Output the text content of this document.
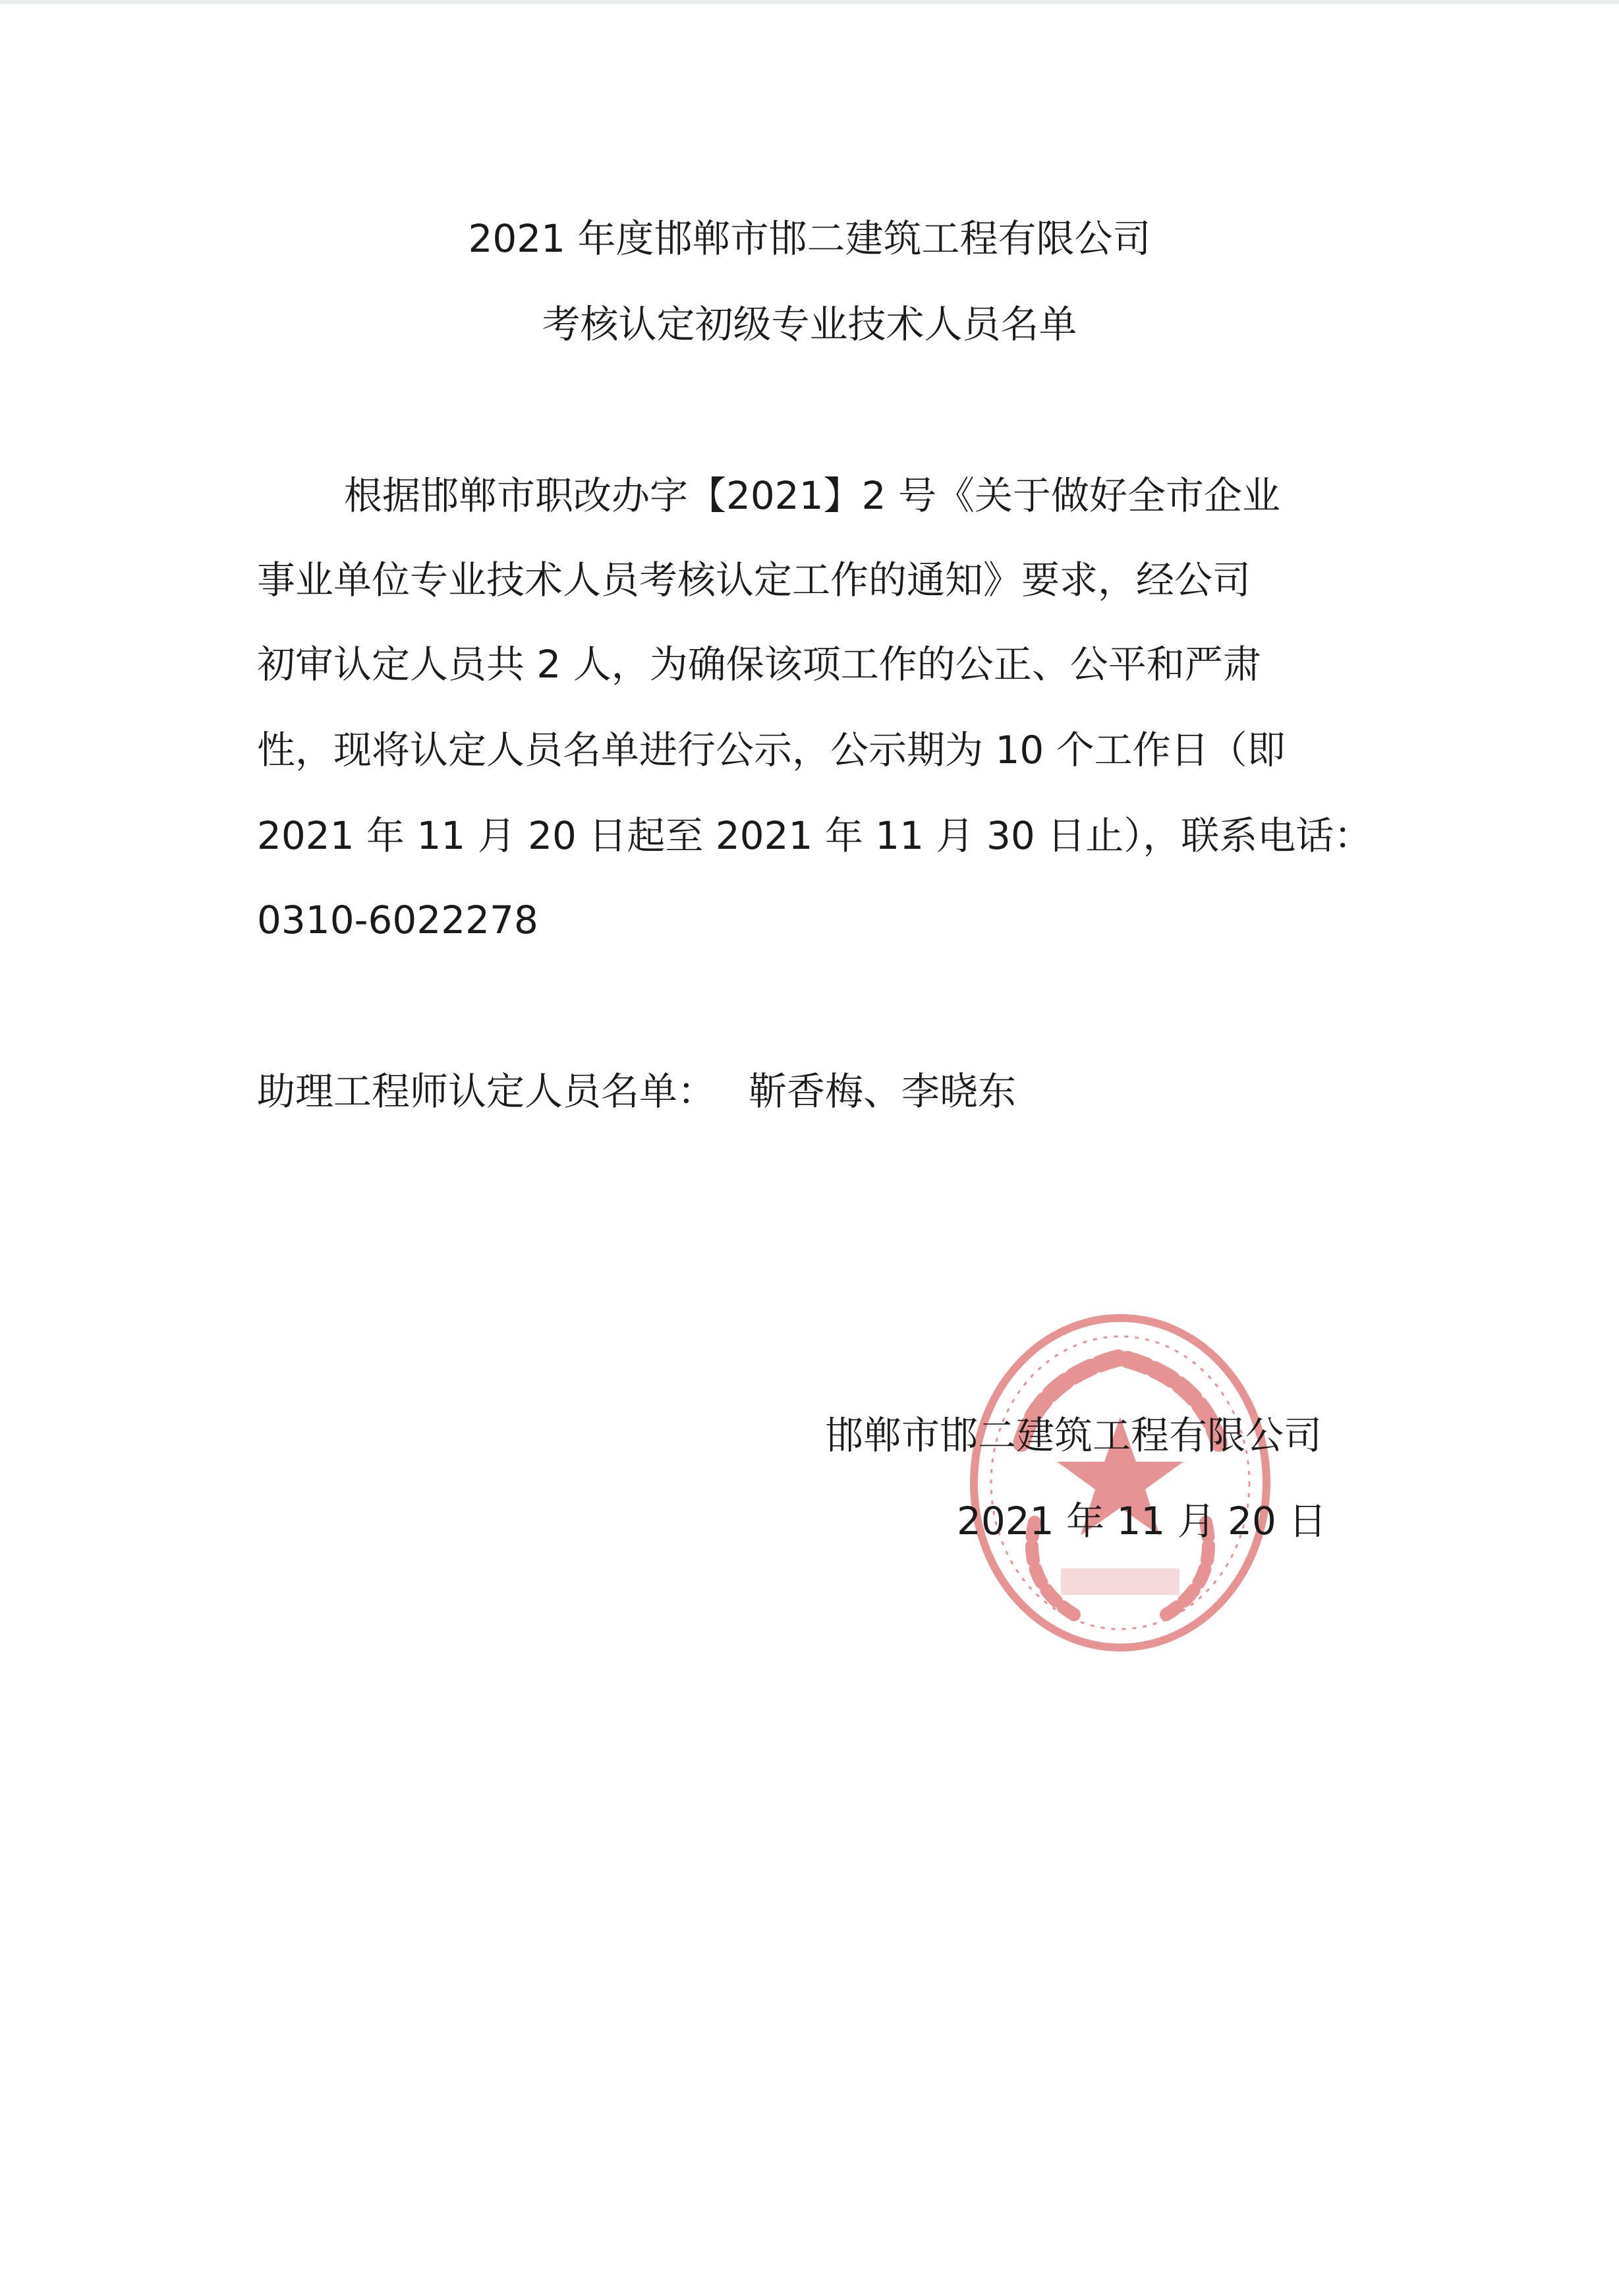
2021 年度邯郸市邯二建筑工程有限公司
考核认定初级专业技术人员名单
根据邯郸市职改办字【2021】2 号《关于做好全市企业
事业单位专业技术人员考核认定工作的通知》要求，经公司
初审认定人员共 2 人，为确保该项工作的公正、公平和严肃
性，现将认定人员名单进行公示，公示期为 10 个工作日（即
2021 年 11 月 20 日起至 2021 年 11 月 30 日止），联系电话：
0310-6022278
助理工程师认定人员名单： 靳香梅、李晓东
邯郸市邯二建筑工程有限公司
2021 年 11 月 20 日
